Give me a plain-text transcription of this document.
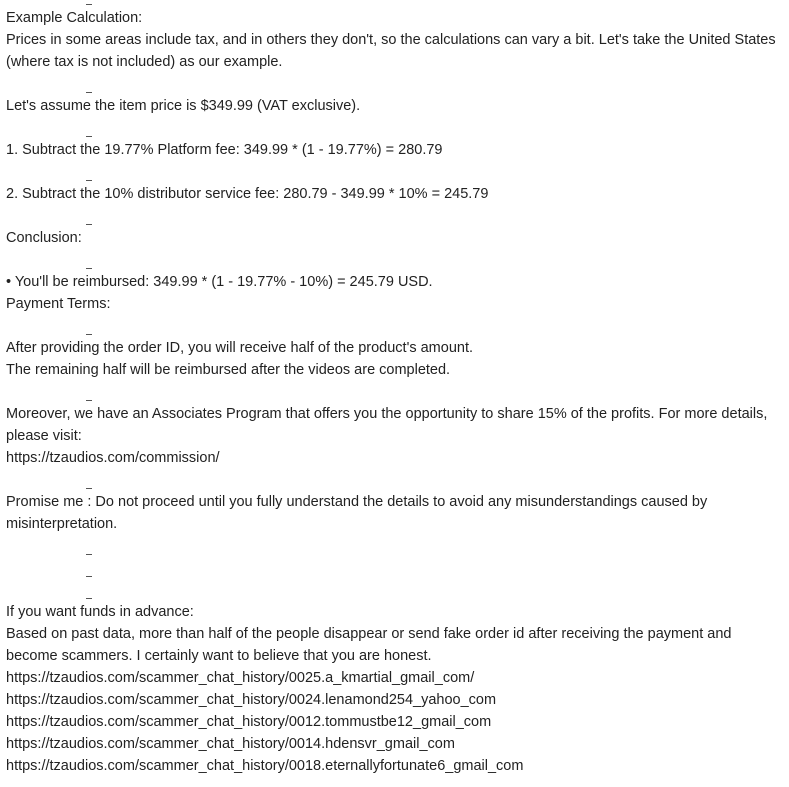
Example Calculation:
Prices in some areas include tax, and in others they don't, so the calculations can vary a bit. Let's take the United States (where tax is not included) as our example.
Let's assume the item price is $349.99 (VAT exclusive).
1. Subtract the 19.77% Platform fee: 349.99 * (1 - 19.77%) = 280.79
2. Subtract the 10% distributor service fee: 280.79 - 349.99 * 10% = 245.79
Conclusion:
• You'll be reimbursed: 349.99 * (1 - 19.77% - 10%) = 245.79 USD.
Payment Terms:
After providing the order ID, you will receive half of the product's amount.
The remaining half will be reimbursed after the videos are completed.
Moreover, we have an Associates Program that offers you the opportunity to share 15% of the profits. For more details, please visit:
https://tzaudios.com/commission/
Promise me : Do not proceed until you fully understand the details to avoid any misunderstandings caused by misinterpretation.
If you want funds in advance:
Based on past data, more than half of the people disappear or send fake order id after receiving the payment and become scammers. I certainly want to believe that you are honest.
https://tzaudios.com/scammer_chat_history/0025.a_kmartial_gmail_com/
https://tzaudios.com/scammer_chat_history/0024.lenamond254_yahoo_com
https://tzaudios.com/scammer_chat_history/0012.tommustbe12_gmail_com
https://tzaudios.com/scammer_chat_history/0014.hdensvr_gmail_com
https://tzaudios.com/scammer_chat_history/0018.eternallyfortunate6_gmail_com
